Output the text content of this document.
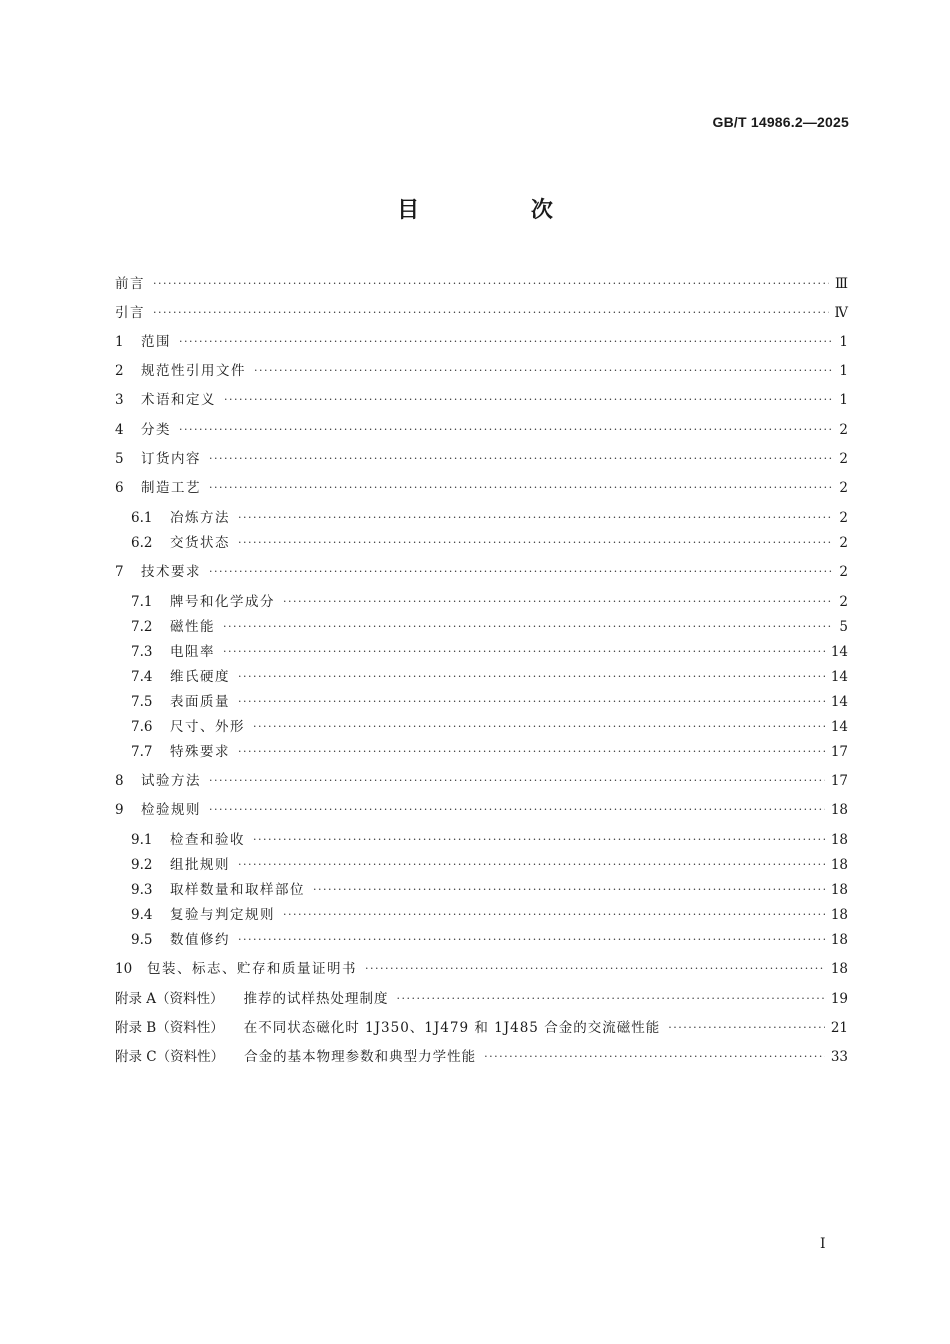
GB/T 14986.2—2025
目 次
前言 ·····	Ⅲ
引言 ·····	Ⅳ
1	范围 ·····	1
2	规范性引用文件 ·····	1
3	术语和定义 ·····	1
4	分类 ·····	2
5	订货内容 ·····	2
6	制造工艺 ·····	2
6.1	冶炼方法 ·····	2
6.2	交货状态 ·····	2
7	技术要求 ·····	2
7.1	牌号和化学成分 ·····	2
7.2	磁性能 ·····	5
7.3	电阻率 ·····	14
7.4	维氏硬度 ·····	14
7.5	表面质量 ·····	14
7.6	尺寸、外形 ·····	14
7.7	特殊要求 ·····	17
8	试验方法 ·····	17
9	检验规则 ·····	18
9.1	检查和验收 ·····	18
9.2	组批规则 ·····	18
9.3	取样数量和取样部位 ·····	18
9.4	复验与判定规则 ·····	18
9.5	数值修约 ·····	18
10	包装、标志、贮存和质量证明书 ·····	18
附录 A（资料性） 推荐的试样热处理制度 ·····	19
附录 B（资料性） 在不同状态磁化时 1J350、1J479 和 1J485 合金的交流磁性能 ·····	21
附录 C（资料性） 合金的基本物理参数和典型力学性能 ·····	33
I
